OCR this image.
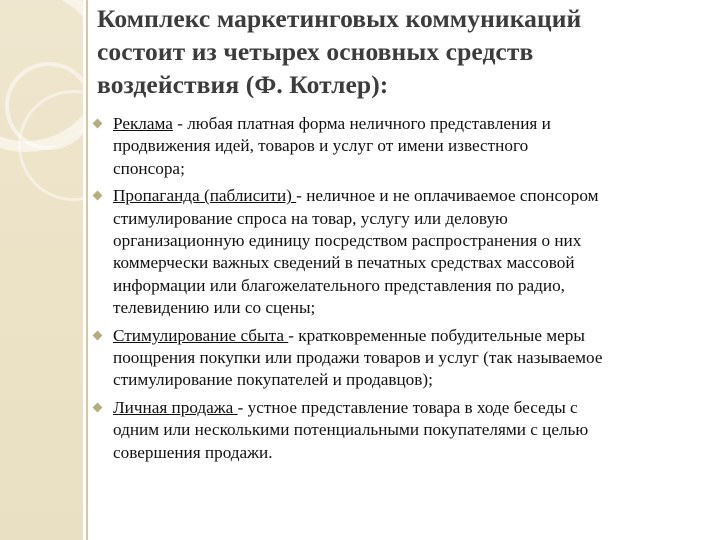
Комплекс маркетинговых коммуникаций
состоит из четырех основных средств
воздействия (Ф. Котлер):
Реклама - любая платная форма неличного представления и
продвижения идей, товаров и услуг от имени известного
спонсора;
Пропаганда (паблисити) - неличное и не оплачиваемое спонсором
стимулирование спроса на товар, услугу или деловую
организационную единицу посредством распространения о них
коммерчески важных сведений в печатных средствах массовой
информации или благожелательного представления по радио,
телевидению или со сцены;
Стимулирование сбыта - кратковременные побудительные меры
поощрения покупки или продажи товаров и услуг (так называемое
стимулирование покупателей и продавцов);
Личная продажа - устное представление товара в ходе беседы с
одним или несколькими потенциальными покупателями с целью
совершения продажи.
